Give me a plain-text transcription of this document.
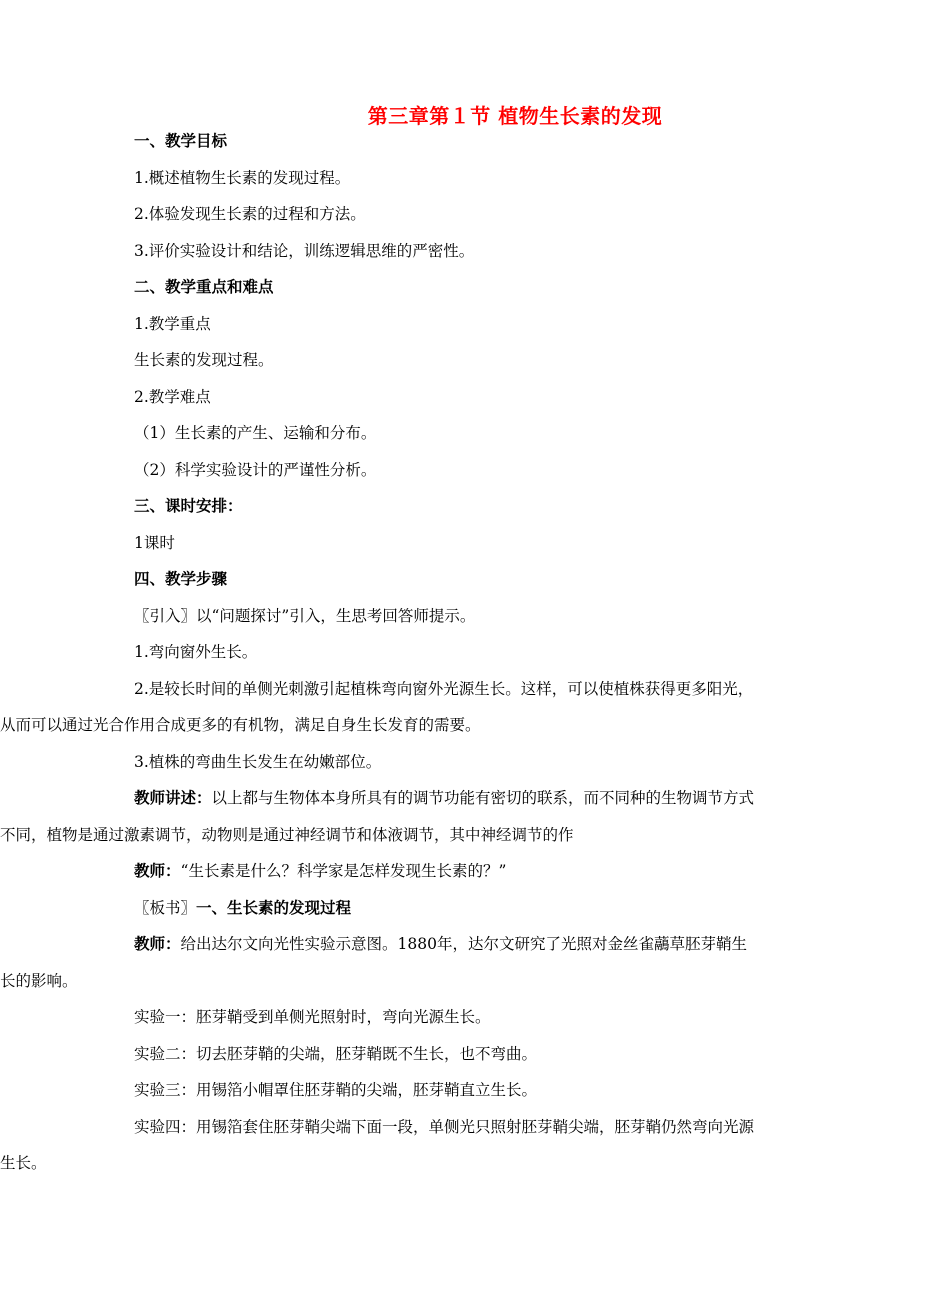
第三章第１节 植物生长素的发现
一、教学目标
1.概述植物生长素的发现过程。
2.体验发现生长素的过程和方法。
3.评价实验设计和结论，训练逻辑思维的严密性。
二、教学重点和难点
1.教学重点
生长素的发现过程。
2.教学难点
（1）生长素的产生、运输和分布。
（2）科学实验设计的严谨性分析。
三、课时安排：
1课时
四、教学步骤
〖引入〗以“问题探讨”引入，生思考回答师提示。
1.弯向窗外生长。
2.是较长时间的单侧光刺激引起植株弯向窗外光源生长。这样，可以使植株获得更多阳光，
从而可以通过光合作用合成更多的有机物，满足自身生长发育的需要。
3.植株的弯曲生长发生在幼嫩部位。
教师讲述：以上都与生物体本身所具有的调节功能有密切的联系，而不同种的生物调节方式
不同，植物是通过激素调节，动物则是通过神经调节和体液调节，其中神经调节的作
教师：“生长素是什么？科学家是怎样发现生长素的？”
〖板书〗一、生长素的发现过程
教师：给出达尔文向光性实验示意图。1880年，达尔文研究了光照对金丝雀虉草胚芽鞘生
长的影响。
实验一：胚芽鞘受到单侧光照射时，弯向光源生长。
实验二：切去胚芽鞘的尖端，胚芽鞘既不生长，也不弯曲。
实验三：用锡箔小帽罩住胚芽鞘的尖端，胚芽鞘直立生长。
实验四：用锡箔套住胚芽鞘尖端下面一段，单侧光只照射胚芽鞘尖端，胚芽鞘仍然弯向光源
生长。
